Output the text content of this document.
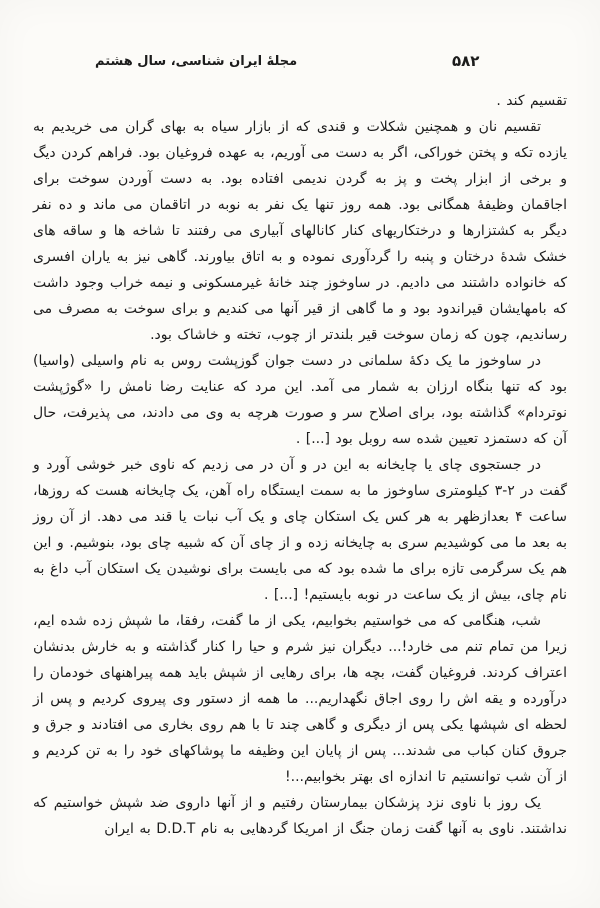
مجلهٔ ایران شناسی، سال هشتم	۵۸۲

تقسیم کند .

تقسیم نان و همچنین شکلات و قندی که از بازار سیاه به بهای گران می خریدیم به یازده تکه و پختن خوراکی، اگر به دست می آوریم، به عهده فروغیان بود. فراهم کردن دیگ و برخی از ابزار پخت و پز به گردن ندیمی افتاده بود. به دست آوردن سوخت برای اجاقمان وظیفهٔ همگانی بود. همه روز تنها یک نفر به نوبه در اتاقمان می ماند و ده نفر دیگر به کشتزارها و درختکاریهای کنار کانالهای آبیاری می رفتند تا شاخه ها و ساقه های خشک شدهٔ درختان و پنبه را گردآوری نموده و به اتاق بیاورند. گاهی نیز به یاران افسری که خانواده داشتند می دادیم. در ساوخوز چند خانهٔ غیرمسکونی و نیمه خراب وجود داشت که بامهایشان قیراندود بود و ما گاهی از قیر آنها می کندیم و برای سوخت به مصرف می رساندیم، چون که زمان سوخت قیر بلندتر از چوب، تخته و خاشاک بود.

در ساوخوز ما یک دکهٔ سلمانی در دست جوان گوزپشت روس به نام واسیلی (واسیا) بود که تنها بنگاه ارزان به شمار می آمد. این مرد که عنایت رضا نامش را «گوژپشت نوتردام» گذاشته بود، برای اصلاح سر و صورت هرچه به وی می دادند، می پذیرفت، حال آن که دستمزد تعیین شده سه روبل بود [...] .

در جستجوی چای یا چایخانه به این در و آن در می زدیم که ناوی خبر خوشی آورد و گفت در ۲-۳ کیلومتری ساوخوز ما به سمت ایستگاه راه آهن، یک چایخانه هست که روزها، ساعت ۴ بعدازظهر به هر کس یک استکان چای و یک آب نبات یا قند می دهد. از آن روز به بعد ما می کوشیدیم سری به چایخانه زده و از چای آن که شبیه چای بود، بنوشیم. و این هم یک سرگرمی تازه برای ما شده بود که می بایست برای نوشیدن یک استکان آب داغ به نام چای، بیش از یک ساعت در نوبه بایستیم! [...] .

شب، هنگامی که می خواستیم بخوابیم، یکی از ما گفت، رفقا، ما شپش زده شده ایم، زیرا من تمام تنم می خارد!... دیگران نیز شرم و حیا را کنار گذاشته و به خارش بدنشان اعتراف کردند. فروغیان گفت، بچه ها، برای رهایی از شپش باید همه پیراهنهای خودمان را درآورده و یقه اش را روی اجاق نگهداریم... ما همه از دستور وی پیروی کردیم و پس از لحظه ای شپشها یکی پس از دیگری و گاهی چند تا با هم روی بخاری می افتادند و جرق و جروق کنان کباب می شدند... پس از پایان این وظیفه ما پوشاکهای خود را به تن کردیم و از آن شب توانستیم تا اندازه ای بهتر بخوابیم...!

یک روز با ناوی نزد پزشکان بیمارستان رفتیم و از آنها داروی ضد شپش خواستیم که نداشتند. ناوی به آنها گفت زمان جنگ از امریکا گردهایی به نام D.D.T به ایران
